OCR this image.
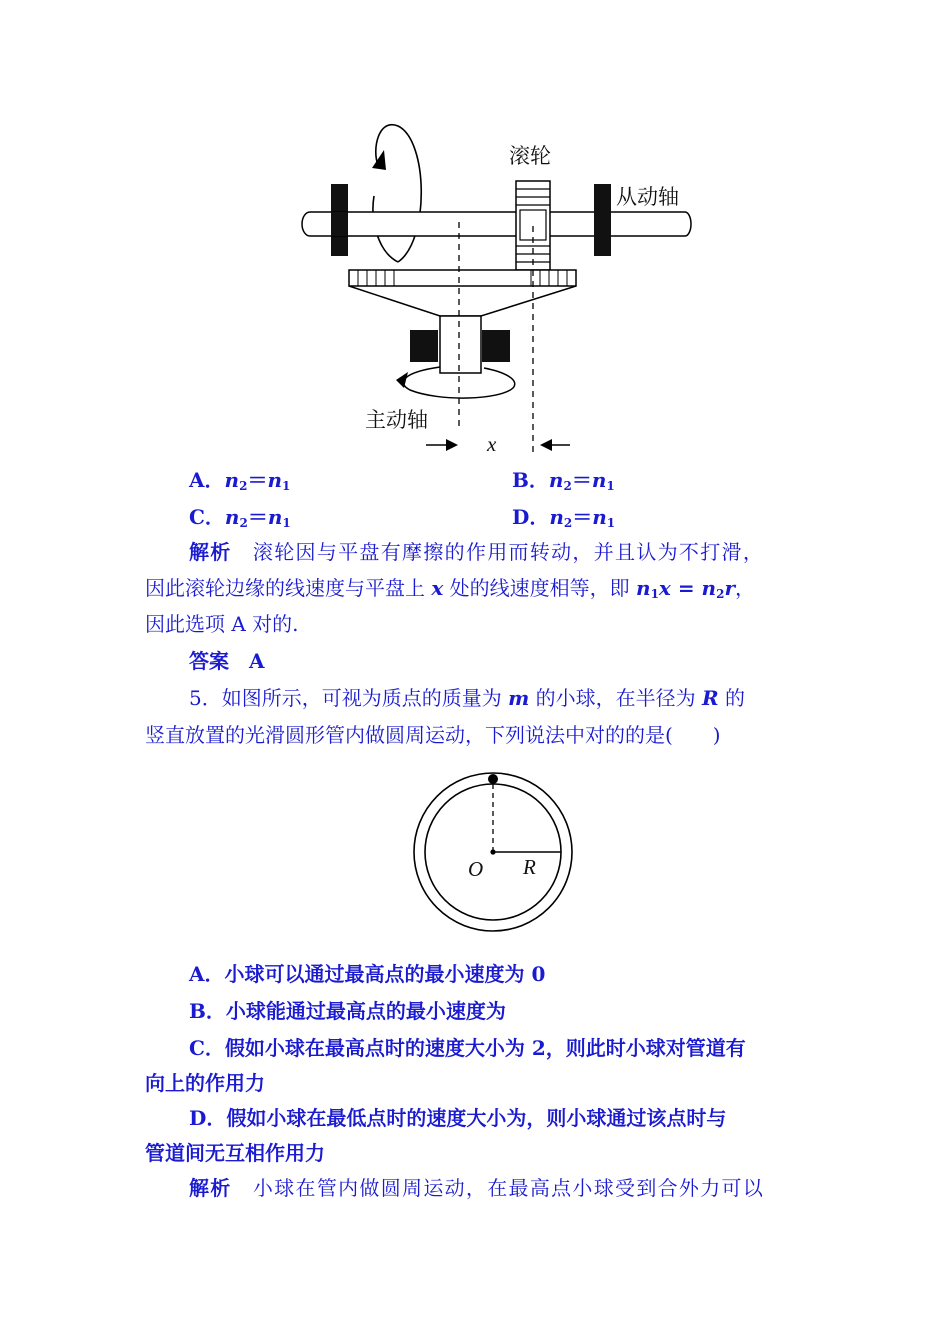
滚轮
从动轴
主动轴
x
A．$n_2=n_1$	B．$n_2=n_1$
C．$n_2=n_1$	D．$n_2=n_1$
解析　 滚轮因与平盘有摩擦的作用而转动，并且认为不打滑，
因此滚轮边缘的线速度与平盘上 x 处的线速度相等，即 $n_1x = n_2r$，
因此选项 A 对的.
答案　 A
5．如图所示，可视为质点的质量为 m 的小球，在半径为 R 的
竖直放置的光滑圆形管内做圆周运动，下列说法中对的的是(　　)
O R
A．小球可以通过最高点的最小速度为 0
B．小球能通过最高点的最小速度为
C．假如小球在最高点时的速度大小为 2，则此时小球对管道有
向上的作用力
D．假如小球在最低点时的速度大小为，则小球通过该点时与
管道间无互相作用力
解析　 小球在管内做圆周运动，在最高点小球受到合外力可以
